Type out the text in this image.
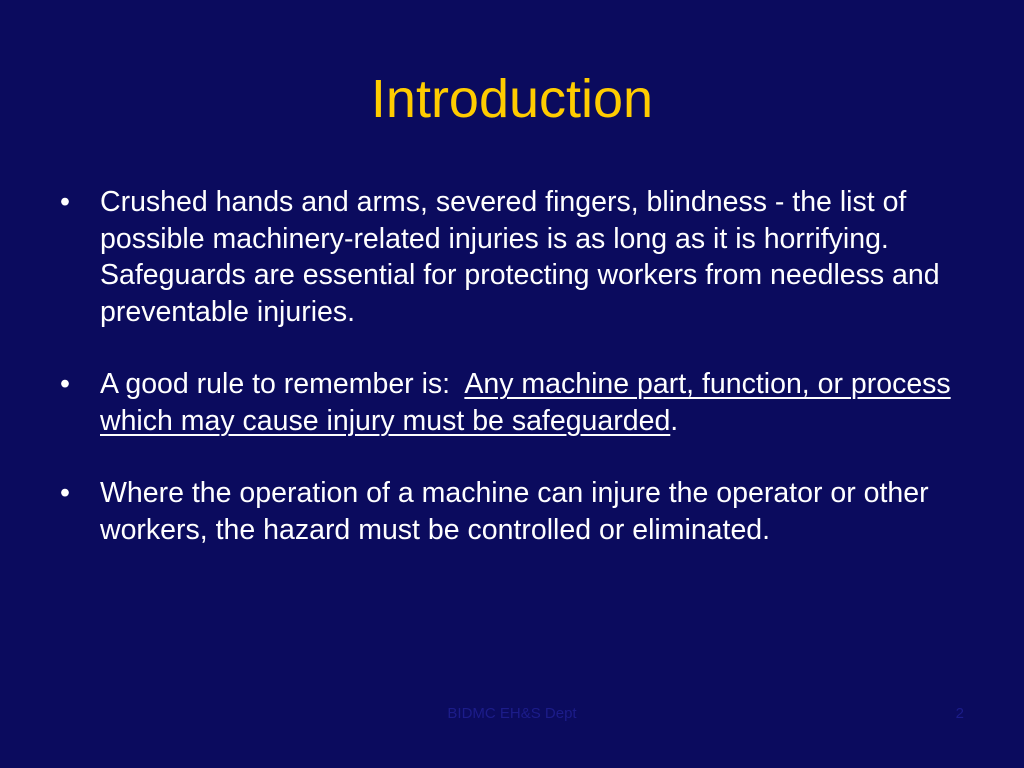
Introduction
• Crushed hands and arms, severed fingers, blindness - the list of possible machinery-related injuries is as long as it is horrifying. Safeguards are essential for protecting workers from needless and preventable injuries.
• A good rule to remember is:  Any machine part, function, or process which may cause injury must be safeguarded.
• Where the operation of a machine can injure the operator or other workers, the hazard must be controlled or eliminated.
BIDMC EH&S Dept	2
